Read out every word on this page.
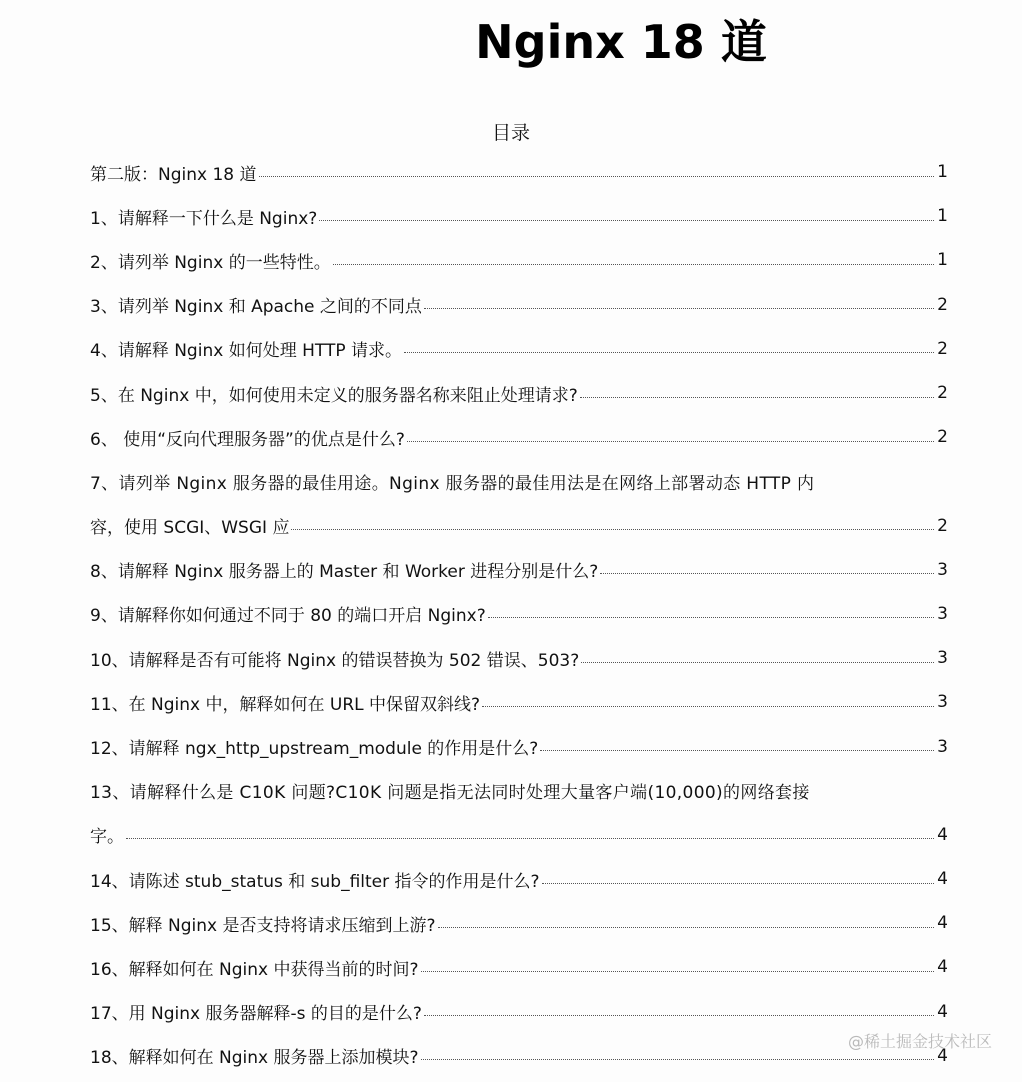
Nginx 18 道
目录
第二版：Nginx 18 道	1
1、请解释一下什么是 Nginx?	1
2、请列举 Nginx 的一些特性。	1
3、请列举 Nginx 和 Apache 之间的不同点	2
4、请解释 Nginx 如何处理 HTTP 请求。	2
5、在 Nginx 中，如何使用未定义的服务器名称来阻止处理请求?	2
6、 使用“反向代理服务器”的优点是什么?	2
7、请列举 Nginx 服务器的最佳用途。Nginx 服务器的最佳用法是在网络上部署动态 HTTP 内
容，使用 SCGI、WSGI 应	2
8、请解释 Nginx 服务器上的 Master 和 Worker 进程分别是什么?	3
9、请解释你如何通过不同于 80 的端口开启 Nginx?	3
10、请解释是否有可能将 Nginx 的错误替换为 502 错误、503?	3
11、在 Nginx 中，解释如何在 URL 中保留双斜线?	3
12、请解释 ngx_http_upstream_module 的作用是什么?	3
13、请解释什么是 C10K 问题?C10K 问题是指无法同时处理大量客户端(10,000)的网络套接
字。	4
14、请陈述 stub_status 和 sub_filter 指令的作用是什么?	4
15、解释 Nginx 是否支持将请求压缩到上游?	4
16、解释如何在 Nginx 中获得当前的时间?	4
17、用 Nginx 服务器解释-s 的目的是什么?	4
18、解释如何在 Nginx 服务器上添加模块?	4
@稀土掘金技术社区
